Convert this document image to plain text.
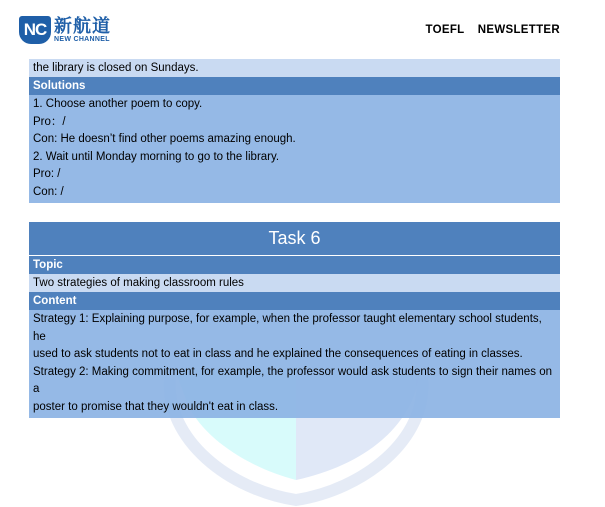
NC 新航道
NEW CHANNEL
TOEFL NEWSLETTER
the library is closed on Sundays.
Solutions
1. Choose another poem to copy.
Pro：/
Con: He doesn’t find other poems amazing enough.
2. Wait until Monday morning to go to the library.
Pro: /
Con: /
Task 6
Topic
Two strategies of making classroom rules
Content
Strategy 1: Explaining purpose, for example, when the professor taught elementary school students, he
used to ask students not to eat in class and he explained the consequences of eating in classes.
Strategy 2: Making commitment, for example, the professor would ask students to sign their names on a
poster to promise that they wouldn't eat in class.
